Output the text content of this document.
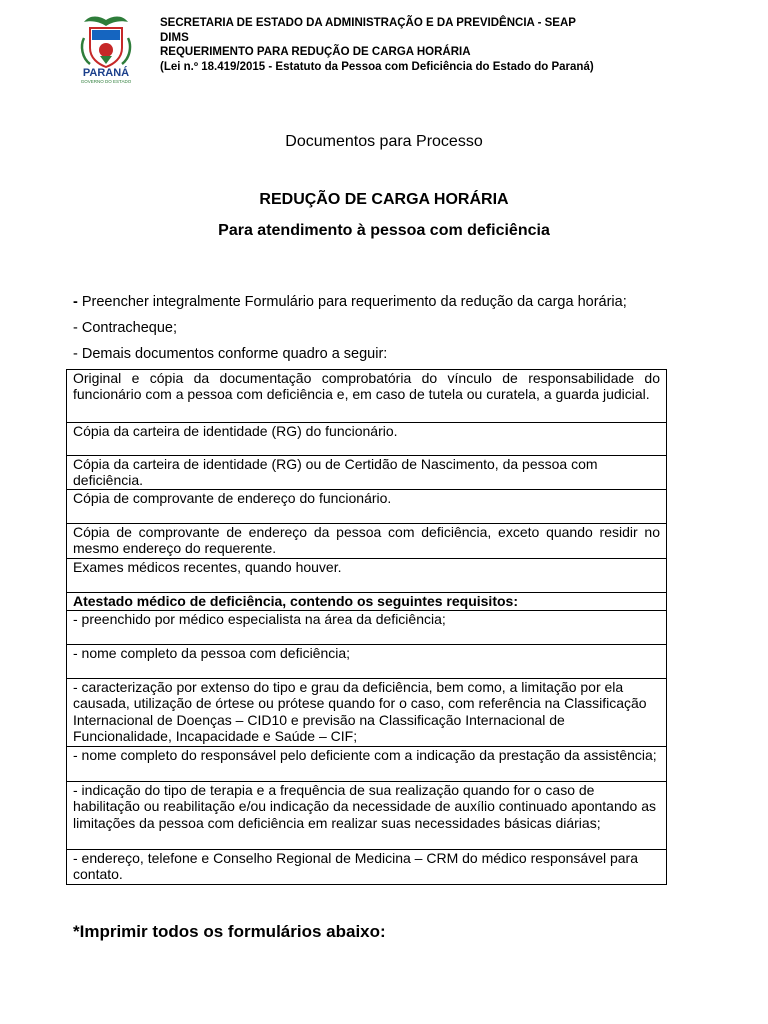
PARANÁ
GOVERNO DO ESTADO
SECRETARIA DE ESTADO DA ADMINISTRAÇÃO E DA PREVIDÊNCIA - SEAP
DIMS
REQUERIMENTO PARA REDUÇÃO DE CARGA HORÁRIA
(Lei n.º 18.419/2015 - Estatuto da Pessoa com Deficiência do Estado do Paraná)
Documentos para Processo
REDUÇÃO DE CARGA HORÁRIA
Para atendimento à pessoa com deficiência
- Preencher integralmente Formulário para requerimento da redução da carga horária;
- Contracheque;
- Demais documentos conforme quadro a seguir:
Original e cópia da documentação comprobatória do vínculo de responsabilidade do funcionário com a pessoa com deficiência e, em caso de tutela ou curatela, a guarda judicial.
Cópia da carteira de identidade (RG) do funcionário.
Cópia da carteira de identidade (RG) ou de Certidão de Nascimento, da pessoa com deficiência.
Cópia de comprovante de endereço do funcionário.
Cópia de comprovante de endereço da pessoa com deficiência, exceto quando residir no mesmo endereço do requerente.
Exames médicos recentes, quando houver.
Atestado médico de deficiência, contendo os seguintes requisitos:
- preenchido por médico especialista na área da deficiência;
- nome completo da pessoa com deficiência;
- caracterização por extenso do tipo e grau da deficiência, bem como, a limitação por ela causada, utilização de órtese ou prótese quando for o caso, com referência na Classificação Internacional de Doenças – CID10 e previsão na Classificação Internacional de Funcionalidade, Incapacidade e Saúde – CIF;
- nome completo do responsável pelo deficiente com a indicação da prestação da assistência;
- indicação do tipo de terapia e a frequência de sua realização quando for o caso de habilitação ou reabilitação e/ou indicação da necessidade de auxílio continuado apontando as limitações da pessoa com deficiência em realizar suas necessidades básicas diárias;
- endereço, telefone e Conselho Regional de Medicina – CRM do médico responsável para contato.
*Imprimir todos os formulários abaixo:
